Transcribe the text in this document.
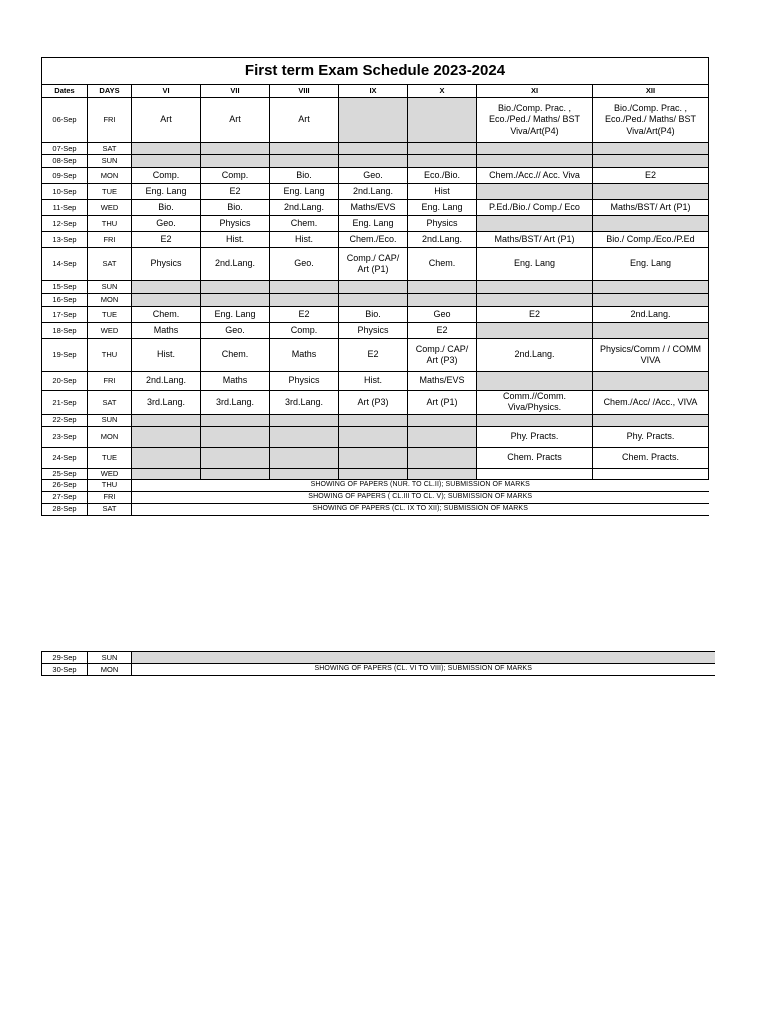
First term Exam Schedule 2023-2024								
Dates	DAYS	VI	VII	VIII	IX	X	XI	XII
06-Sep	FRI	Art	Art	Art			Bio./Comp. Prac. , Eco./Ped./ Maths/ BST Viva/Art(P4)	Bio./Comp. Prac. , Eco./Ped./ Maths/ BST Viva/Art(P4)
07-Sep	SAT							
08-Sep	SUN							
09-Sep	MON	Comp.	Comp.	Bio.	Geo.	Eco./Bio.	Chem./Acc.// Acc. Viva	E2
10-Sep	TUE	Eng. Lang	E2	Eng. Lang	2nd.Lang.	Hist		
11-Sep	WED	Bio.	Bio.	2nd.Lang.	Maths/EVS	Eng. Lang	P.Ed./Bio./ Comp./ Eco	Maths/BST/ Art (P1)
12-Sep	THU	Geo.	Physics	Chem.	Eng. Lang	Physics		
13-Sep	FRI	E2	Hist.	Hist.	Chem./Eco.	2nd.Lang.	Maths/BST/ Art (P1)	Bio./ Comp./Eco./P.Ed
14-Sep	SAT	Physics	2nd.Lang.	Geo.	Comp./ CAP/ Art (P1)	Chem.	Eng. Lang	Eng. Lang
15-Sep	SUN							
16-Sep	MON							
17-Sep	TUE	Chem.	Eng. Lang	E2	Bio.	Geo	E2	2nd.Lang.
18-Sep	WED	Maths	Geo.	Comp.	Physics	E2		
19-Sep	THU	Hist.	Chem.	Maths	E2	Comp./ CAP/ Art (P3)	2nd.Lang.	Physics/Comm / / COMM VIVA
20-Sep	FRI	2nd.Lang.	Maths	Physics	Hist.	Maths/EVS		
21-Sep	SAT	3rd.Lang.	3rd.Lang.	3rd.Lang.	Art (P3)	Art (P1)	Comm.//Comm. Viva/Physics.	Chem./Acc/ /Acc., VIVA
22-Sep	SUN							
23-Sep	MON						Phy. Practs.	Phy. Practs.
24-Sep	TUE						Chem. Practs	Chem. Practs.
25-Sep	WED							
26-Sep	THU	SHOWING OF PAPERS (NUR. TO CL.II); SUBMISSION OF MARKS						
27-Sep	FRI	SHOWING OF PAPERS ( CL.III TO CL. V); SUBMISSION OF MARKS						
28-Sep	SAT	SHOWING OF PAPERS (CL. IX TO XII); SUBMISSION OF MARKS						
29-Sep	SUN	
30-Sep	MON	SHOWING OF PAPERS (CL. VI TO VIII); SUBMISSION OF MARKS
